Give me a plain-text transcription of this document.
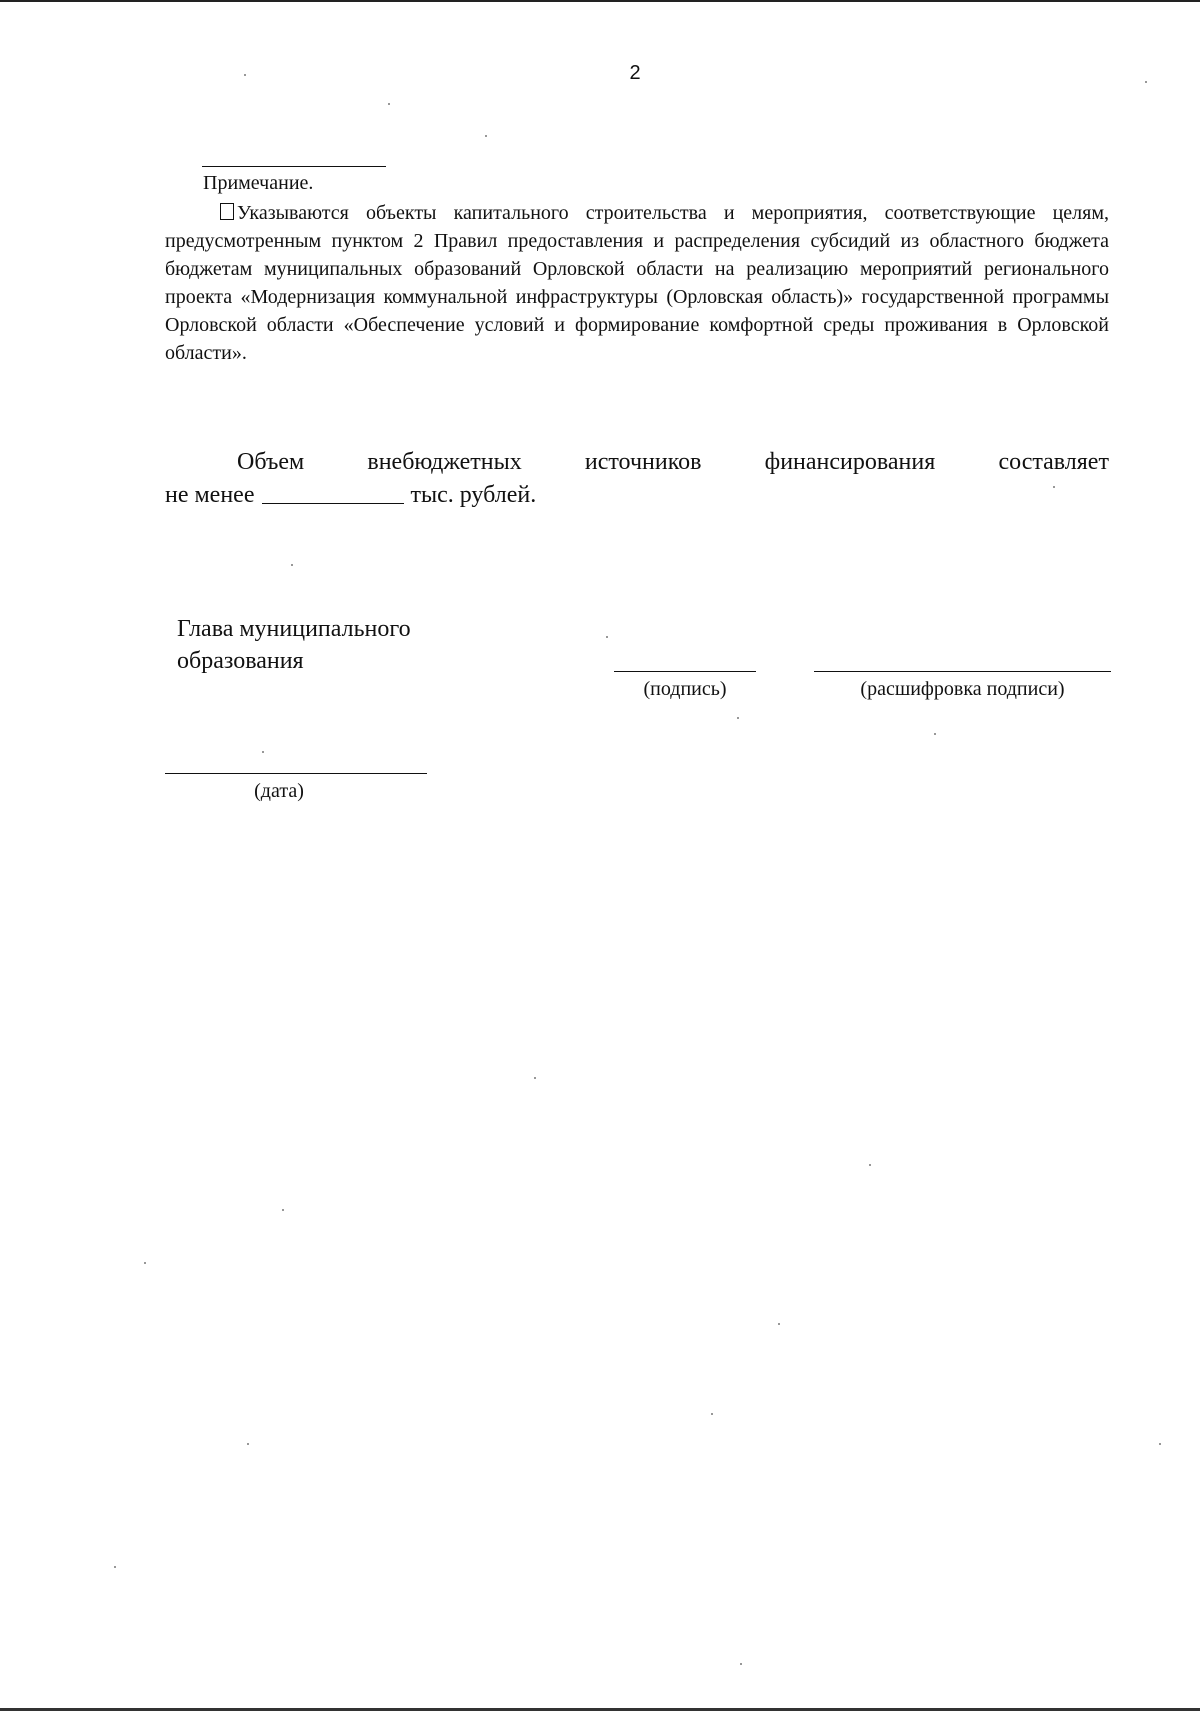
2
Примечание.
Указываются объекты капитального строительства и мероприятия, соответствующие целям, предусмотренным пунктом 2 Правил предоставления и распределения субсидий из областного бюджета бюджетам муниципальных образований Орловской области на реализацию мероприятий регионального проекта «Модернизация коммунальной инфраструктуры (Орловская область)» государственной программы Орловской области «Обеспечение условий и формирование комфортной среды проживания в Орловской области».
Объем	внебюджетных	источников	финансирования	составляет
не менее	тыс. рублей.
Глава муниципального
образования
(подпись)	(расшифровка подписи)
(дата)
